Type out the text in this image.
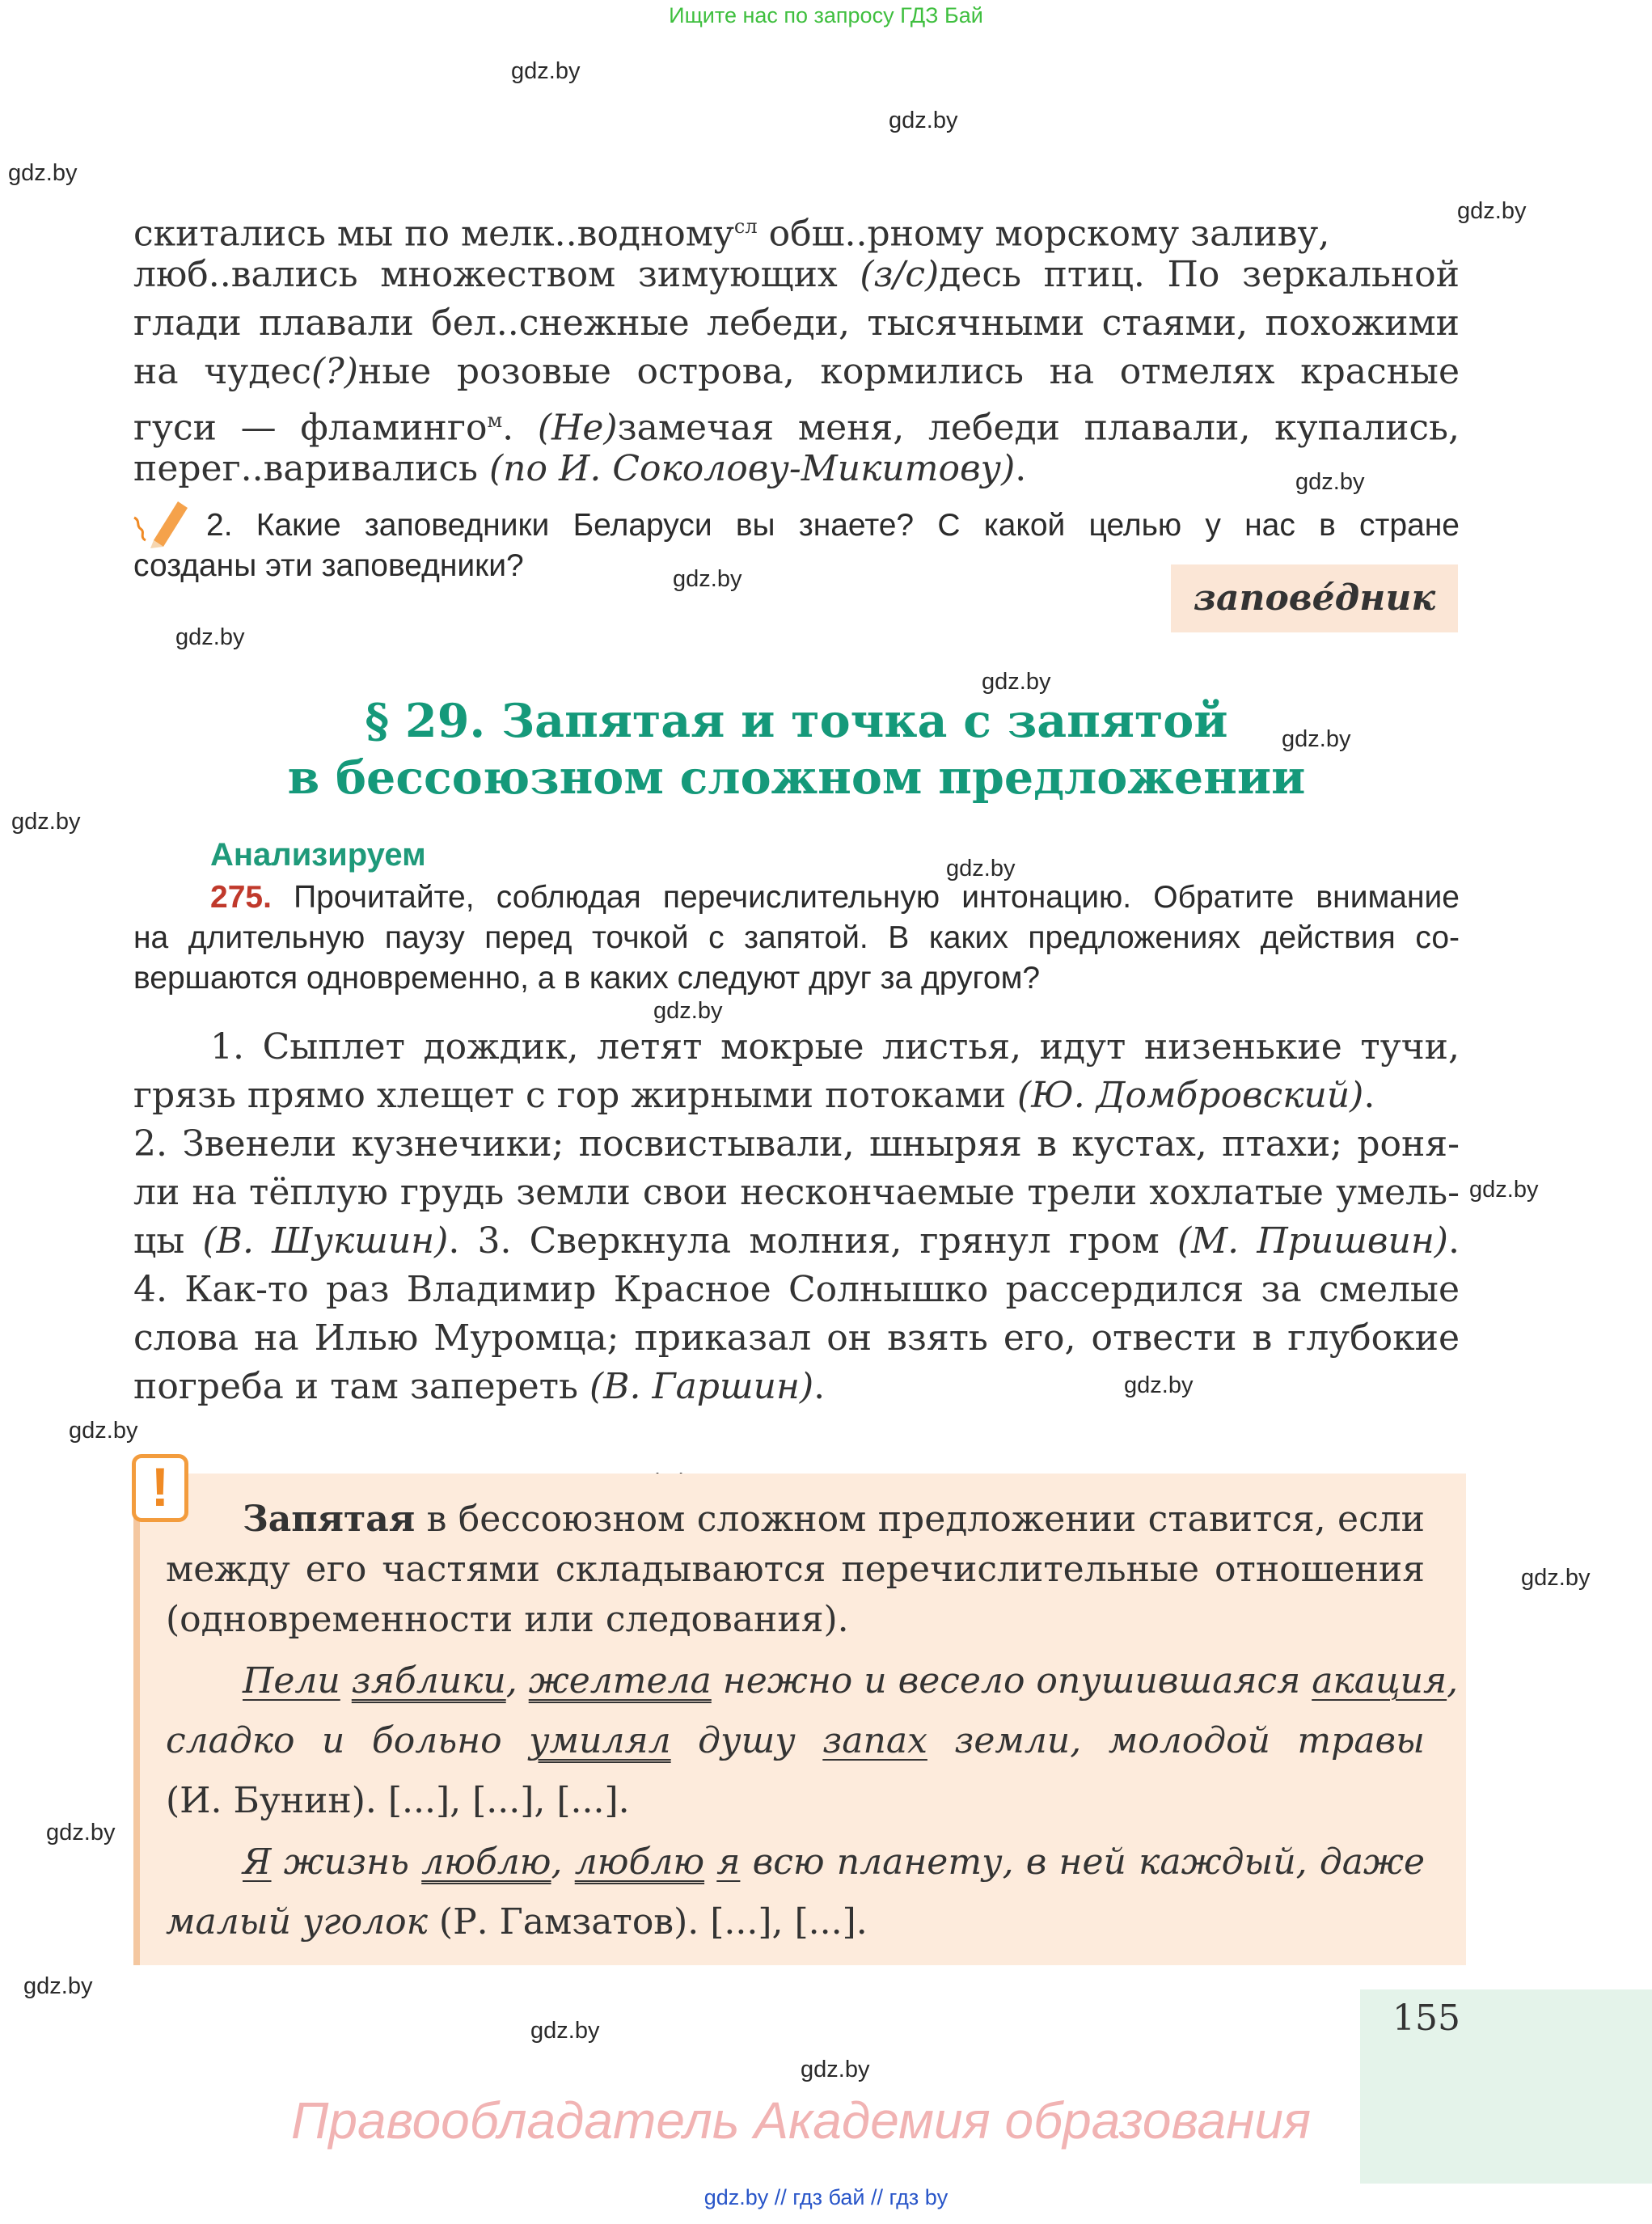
Ищите нас по запросу ГДЗ Бай
gdz.by
gdz.by
gdz.by
gdz.by
gdz.by
gdz.by
gdz.by
gdz.by
gdz.by
gdz.by
gdz.by
gdz.by
gdz.by
gdz.by
gdz.by
gdz.by
gdz.by
gdz.by
gdz.by
gdz.by
скитались мы по мелк..водному$^{сл}$ обш..рному морскому заливу,
люб..вались множеством зимующих (з/с)десь птиц. По зеркальной
глади плавали бел..снежные лебеди, тысячными стаями, похожими
на чудес(?)ные розовые острова, кормились на отмелях красные
гуси — фламинго$^м$. (Не)замечая меня, лебеди плавали, купались,
перег..варивались (по И. Соколову-Микитову).
2. Какие заповедники Беларуси вы знаете? С какой целью у нас в стране
созданы эти заповедники?
запове́дник
§ 29. Запятая и точка с запятой
в бессоюзном сложном предложении
Анализируем
275. Прочитайте, соблюдая перечислительную интонацию. Обратите внимание
на длительную паузу перед точкой с запятой. В каких предложениях действия со-
вершаются одновременно, а в каких следуют друг за другом?
1. Сыплет дождик, летят мокрые листья, идут низенькие тучи,
грязь прямо хлещет с гор жирными потоками (Ю. Домбровский).
2. Звенели кузнечики; посвистывали, шныряя в кустах, птахи; роня-
ли на тёплую грудь земли свои нескончаемые трели хохлатые умель-
цы (В. Шукшин). 3. Сверкнула молния, грянул гром (М. Пришвин).
4. Как-то раз Владимир Красное Солнышко рассердился за смелые
слова на Илью Муромца; приказал он взять его, отвести в глубокие
погреба и там запереть (В. Гаршин).
!
Запятая в бессоюзном сложном предложении ставится, если
между его частями складываются перечислительные отношения
(одновременности или следования).
Пели зяблики, желтела нежно и весело опушившаяся акация,
сладко и больно умилял душу запах земли, молодой травы
(И. Бунин). [...], [...], [...].
Я жизнь люблю, люблю я всю планету, в ней каждый, даже
малый уголок (Р. Гамзатов). [...], [...].
155
Правообладатель Академия образования
gdz.by // гдз бай // гдз by
